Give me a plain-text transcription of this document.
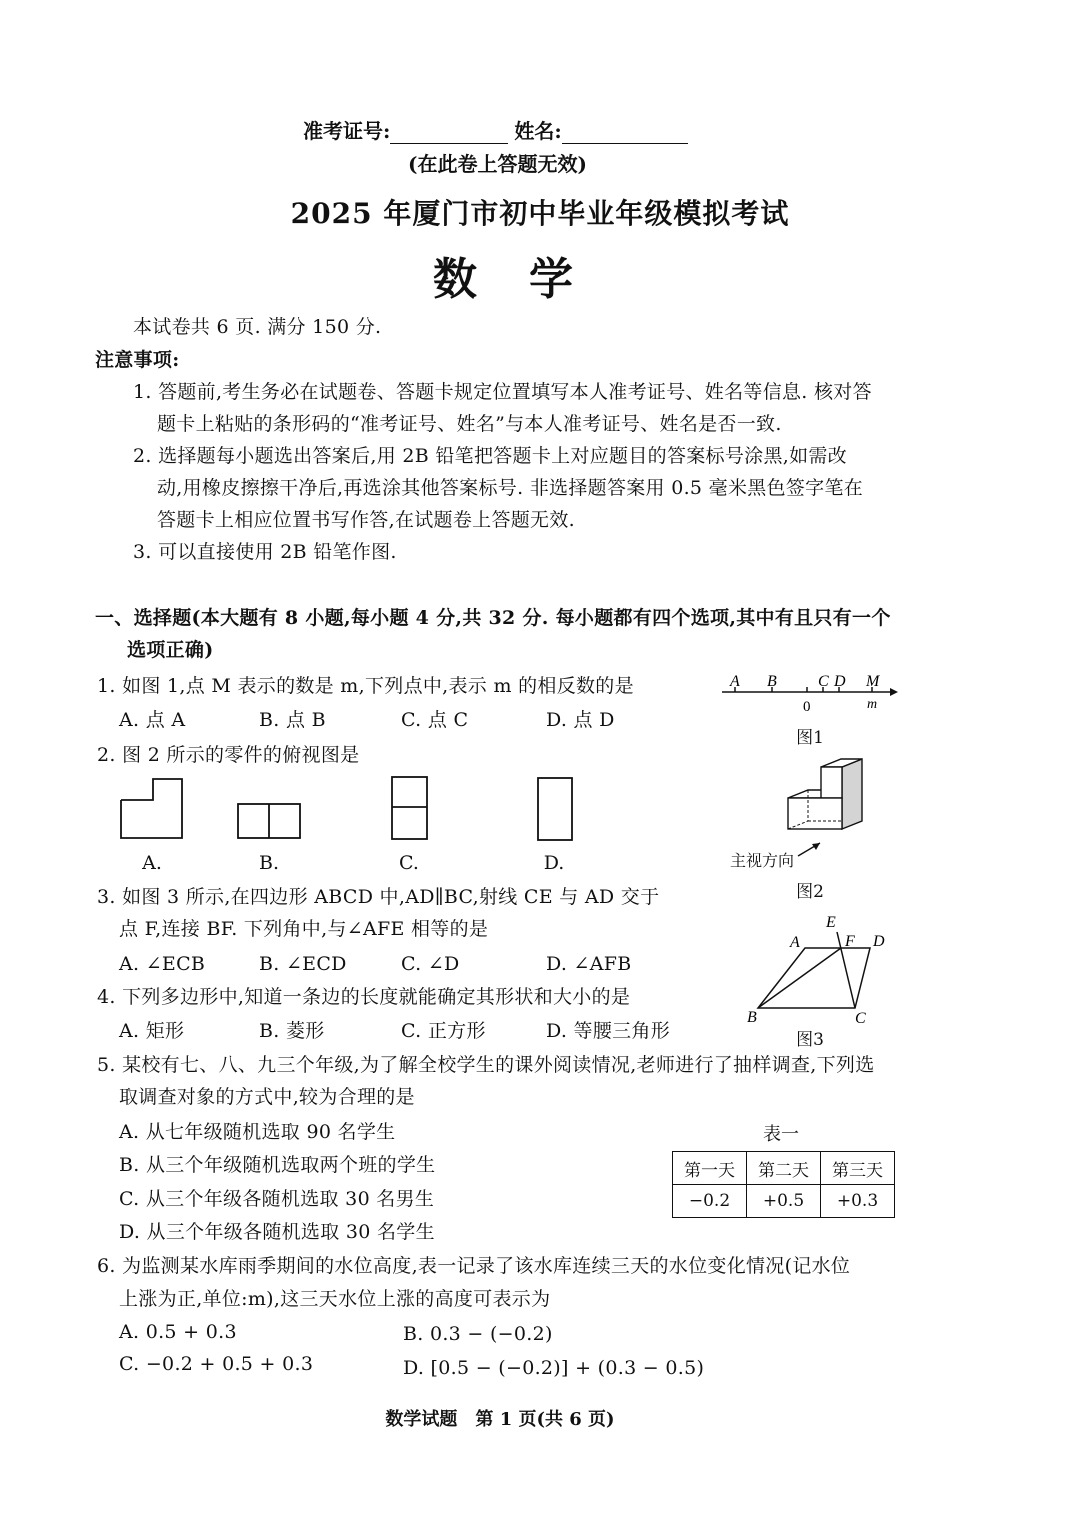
准考证号:	姓名:
(在此卷上答题无效)
2025 年厦门市初中毕业年级模拟考试
数　学
本试卷共 6 页. 满分 150 分.
注意事项:
1. 答题前,考生务必在试题卷、答题卡规定位置填写本人准考证号、姓名等信息. 核对答
题卡上粘贴的条形码的“准考证号、姓名”与本人准考证号、姓名是否一致.
2. 选择题每小题选出答案后,用 2B 铅笔把答题卡上对应题目的答案标号涂黑,如需改
动,用橡皮擦擦干净后,再选涂其他答案标号. 非选择题答案用 0.5 毫米黑色签字笔在
答题卡上相应位置书写作答,在试题卷上答题无效.
3. 可以直接使用 2B 铅笔作图.
一、选择题(本大题有 8 小题,每小题 4 分,共 32 分. 每小题都有四个选项,其中有且只有一个
选项正确)
1. 如图 1,点 M 表示的数是 m,下列点中,表示 m 的相反数的是
A. 点 A	B. 点 B	C. 点 C	D. 点 D
A B	C D M
0	m
图1
2. 图 2 所示的零件的俯视图是
A.	B.	C.	D.	主视方向
图2
3. 如图 3 所示,在四边形 ABCD 中,AD∥BC,射线 CE 与 AD 交于
点 F,连接 BF. 下列角中,与∠AFE 相等的是
A. ∠ECB	B. ∠ECD	C. ∠D	D. ∠AFB
A
B	C
D
E
F
图3
4. 下列多边形中,知道一条边的长度就能确定其形状和大小的是
A. 矩形	B. 菱形	C. 正方形	D. 等腰三角形
5. 某校有七、八、九三个年级,为了解全校学生的课外阅读情况,老师进行了抽样调查,下列选
取调查对象的方式中,较为合理的是
A. 从七年级随机选取 90 名学生
B. 从三个年级随机选取两个班的学生
C. 从三个年级各随机选取 30 名男生
D. 从三个年级各随机选取 30 名学生
表一
第一天	第二天	第三天
−0.2	+0.5	+0.3
6. 为监测某水库雨季期间的水位高度,表一记录了该水库连续三天的水位变化情况(记水位
上涨为正,单位:m),这三天水位上涨的高度可表示为
A. 0.5 + 0.3	B. 0.3 − (−0.2)
C. −0.2 + 0.5 + 0.3	D. [0.5 − (−0.2)] + (0.3 − 0.5)
数学试题　第 1 页(共 6 页)
